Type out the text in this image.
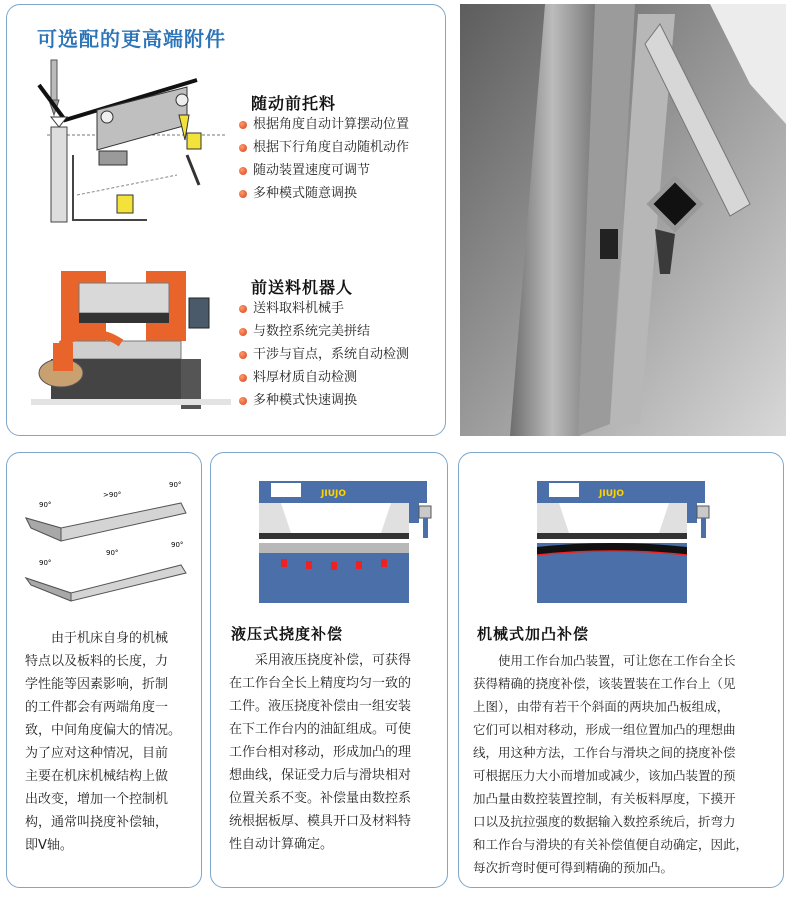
可选配的更高端附件
随动前托料
根据角度自动计算摆动位置
根据下行角度自动随机动作
随动装置速度可调节
多种模式随意调换
前送料机器人
送料取料机械手
与数控系统完美拼结
干涉与盲点，系统自动检测
料厚材质自动检测
多种模式快速调换
90°
>90°
90°
90°
90°
90°
由于机床自身的机械
特点以及板料的长度，力
学性能等因素影响，折制
的工件都会有两端角度一
致，中间角度偏大的情况。
为了应对这种情况，目前
主要在机床机械结构上做
出改变，增加一个控制机
构，通常叫挠度补偿轴，
即V轴。
JIUJO
液压式挠度补偿
采用液压挠度补偿，可获得
在工作台全长上精度均匀一致的
工件。液压挠度补偿由一组安装
在下工作台内的油缸组成。可使
工作台相对移动，形成加凸的理
想曲线，保证受力后与滑块相对
位置关系不变。补偿量由数控系
统根据板厚、模具开口及材料特
性自动计算确定。
JIUJO
机械式加凸补偿
使用工作台加凸装置，可让您在工作台全长
获得精确的挠度补偿，该装置装在工作台上（见
上图），由带有若干个斜面的两块加凸板组成，
它们可以相对移动，形成一组位置加凸的理想曲
线，用这种方法，工作台与滑块之间的挠度补偿
可根据压力大小而增加或减少，该加凸装置的预
加凸量由数控装置控制，有关板料厚度，下摸开
口以及抗拉强度的数据输入数控系统后，折弯力
和工作台与滑块的有关补偿值便自动确定，因此，
每次折弯时便可得到精确的预加凸。
